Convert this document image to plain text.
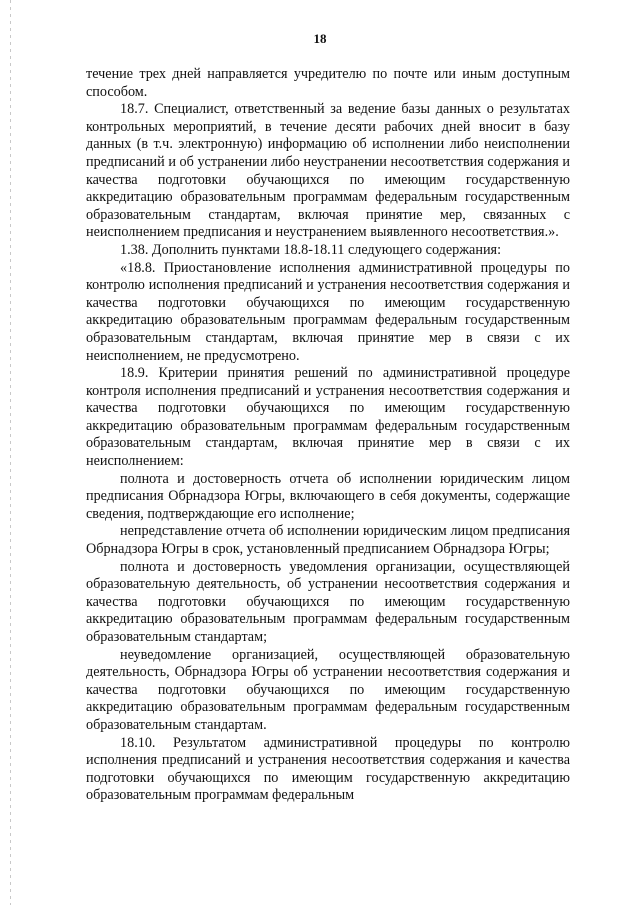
18

течение трех дней направляется учредителю по почте или иным доступным способом.

18.7. Специалист, ответственный за ведение базы данных о результатах контрольных мероприятий, в течение десяти рабочих дней вносит в базу данных (в т.ч. электронную) информацию об исполнении либо неисполнении предписаний и об устранении либо неустранении несоответствия содержания и качества подготовки обучающихся по имеющим государственную аккредитацию образовательным программам федеральным государственным образовательным стандартам, включая принятие мер, связанных с неисполнением предписания и неустранением выявленного несоответствия.».

1.38. Дополнить пунктами 18.8-18.11 следующего содержания:

«18.8. Приостановление исполнения административной процедуры по контролю исполнения предписаний и устранения несоответствия содержания и качества подготовки обучающихся по имеющим государственную аккредитацию образовательным программам федеральным государственным образовательным стандартам, включая принятие мер в связи с их неисполнением, не предусмотрено.

18.9. Критерии принятия решений по административной процедуре контроля исполнения предписаний и устранения несоответствия содержания и качества подготовки обучающихся по имеющим государственную аккредитацию образовательным программам федеральным государственным образовательным стандартам, включая принятие мер в связи с их неисполнением:

полнота и достоверность отчета об исполнении юридическим лицом предписания Обрнадзора Югры, включающего в себя документы, содержащие сведения, подтверждающие его исполнение;

непредставление отчета об исполнении юридическим лицом предписания Обрнадзора Югры в срок, установленный предписанием Обрнадзора Югры;

полнота и достоверность уведомления организации, осуществляющей образовательную деятельность, об устранении несоответствия содержания и качества подготовки обучающихся по имеющим государственную аккредитацию образовательным программам федеральным государственным образовательным стандартам;

неуведомление организацией, осуществляющей образовательную деятельность, Обрнадзора Югры об устранении несоответствия содержания и качества подготовки обучающихся по имеющим государственную аккредитацию образовательным программам федеральным государственным образовательным стандартам.

18.10. Результатом административной процедуры по контролю исполнения предписаний и устранения несоответствия содержания и качества подготовки обучающихся по имеющим государственную аккредитацию образовательным программам федеральным
